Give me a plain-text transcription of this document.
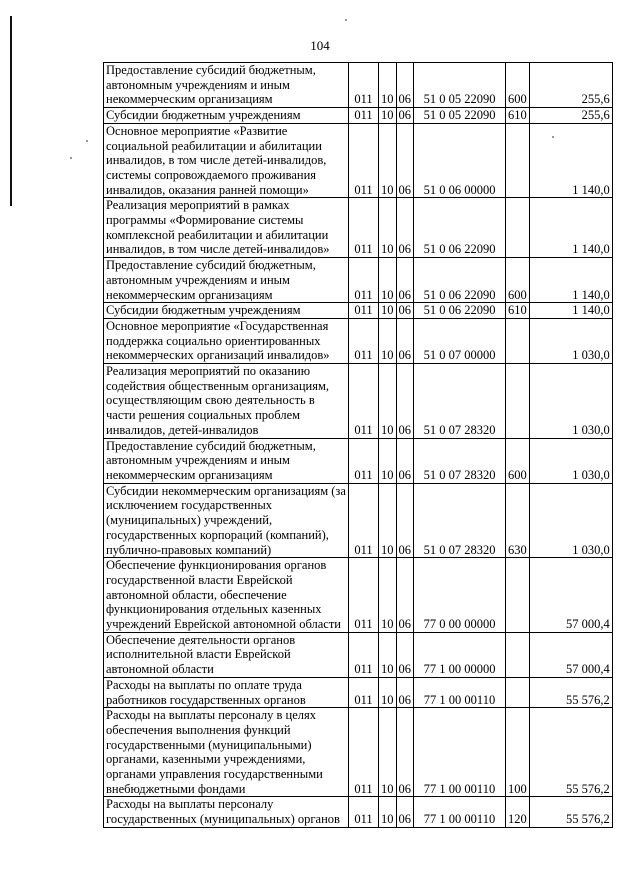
104
Предоставление субсидий бюджетным, автономным учреждениям и иным некоммерческим организациям	011	10	06	51 0 05 22090	600	255,6
Субсидии бюджетным учреждениям	011	10	06	51 0 05 22090	610	255,6
Основное мероприятие «Развитие социальной реабилитации и абилитации инвалидов, в том числе детей-инвалидов, системы сопровождаемого проживания инвалидов, оказания ранней помощи»	011	10	06	51 0 06 00000		1 140,0
Реализация мероприятий в рамках программы «Формирование системы комплексной реабилитации и абилитации инвалидов, в том числе детей-инвалидов»	011	10	06	51 0 06 22090		1 140,0
Предоставление субсидий бюджетным, автономным учреждениям и иным некоммерческим организациям	011	10	06	51 0 06 22090	600	1 140,0
Субсидии бюджетным учреждениям	011	10	06	51 0 06 22090	610	1 140,0
Основное мероприятие «Государственная поддержка социально ориентированных некоммерческих организаций инвалидов»	011	10	06	51 0 07 00000		1 030,0
Реализация мероприятий по оказанию содействия общественным организациям, осуществляющим свою деятельность в части решения социальных проблем инвалидов, детей-инвалидов	011	10	06	51 0 07 28320		1 030,0
Предоставление субсидий бюджетным, автономным учреждениям и иным некоммерческим организациям	011	10	06	51 0 07 28320	600	1 030,0
Субсидии некоммерческим организациям (за исключением государственных (муниципальных) учреждений, государственных корпораций (компаний), публично-правовых компаний)	011	10	06	51 0 07 28320	630	1 030,0
Обеспечение функционирования органов государственной власти Еврейской автономной области, обеспечение функционирования отдельных казенных учреждений Еврейской автономной области	011	10	06	77 0 00 00000		57 000,4
Обеспечение деятельности органов исполнительной власти Еврейской автономной области	011	10	06	77 1 00 00000		57 000,4
Расходы на выплаты по оплате труда работников государственных органов	011	10	06	77 1 00 00110		55 576,2
Расходы на выплаты персоналу в целях обеспечения выполнения функций государственными (муниципальными) органами, казенными учреждениями, органами управления государственными внебюджетными фондами	011	10	06	77 1 00 00110	100	55 576,2
Расходы на выплаты персоналу государственных (муниципальных) органов	011	10	06	77 1 00 00110	120	55 576,2
